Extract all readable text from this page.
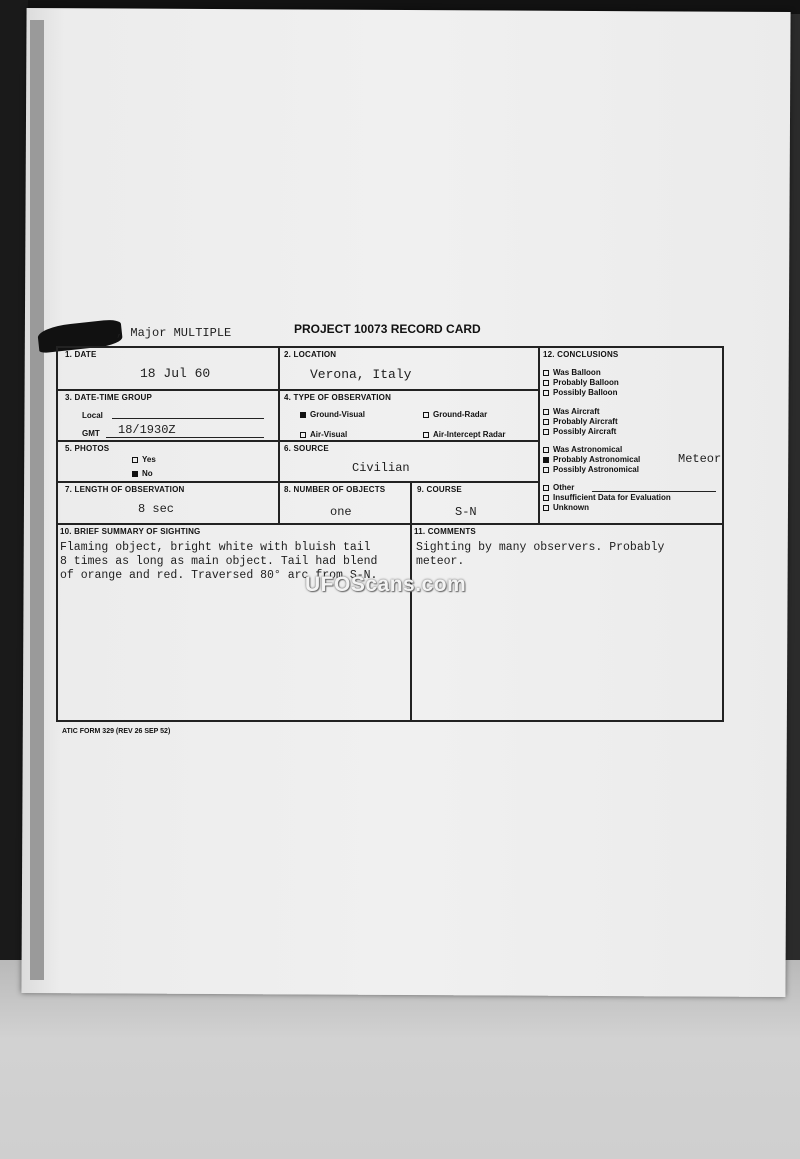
, Major MULTIPLE	PROJECT 10073 RECORD CARD
1. DATE
18 Jul 60
2. LOCATION
Verona, Italy
3. DATE-TIME GROUP
Local
GMT 18/1930Z
4. TYPE OF OBSERVATION
Ground-Visual	Ground-Radar
Air-Visual	Air-Intercept Radar
5. PHOTOS
Yes
No
6. SOURCE
Civilian
7. LENGTH OF OBSERVATION
8 sec
8. NUMBER OF OBJECTS
one
9. COURSE
S-N
12. CONCLUSIONS
Was Balloon
Probably Balloon
Possibly Balloon
Was Aircraft
Probably Aircraft
Possibly Aircraft
Was Astronomical
Probably Astronomical
Possibly Astronomical
Other
Insufficient Data for Evaluation
Unknown
Meteor
10. BRIEF SUMMARY OF SIGHTING
Flaming object, bright white with bluish tail
8 times as long as main object. Tail had blend
of orange and red. Traversed 80° arc from S-N.
11. COMMENTS
Sighting by many observers. Probably
meteor.
UFOScans.com
ATIC FORM 329 (REV 26 SEP 52)
